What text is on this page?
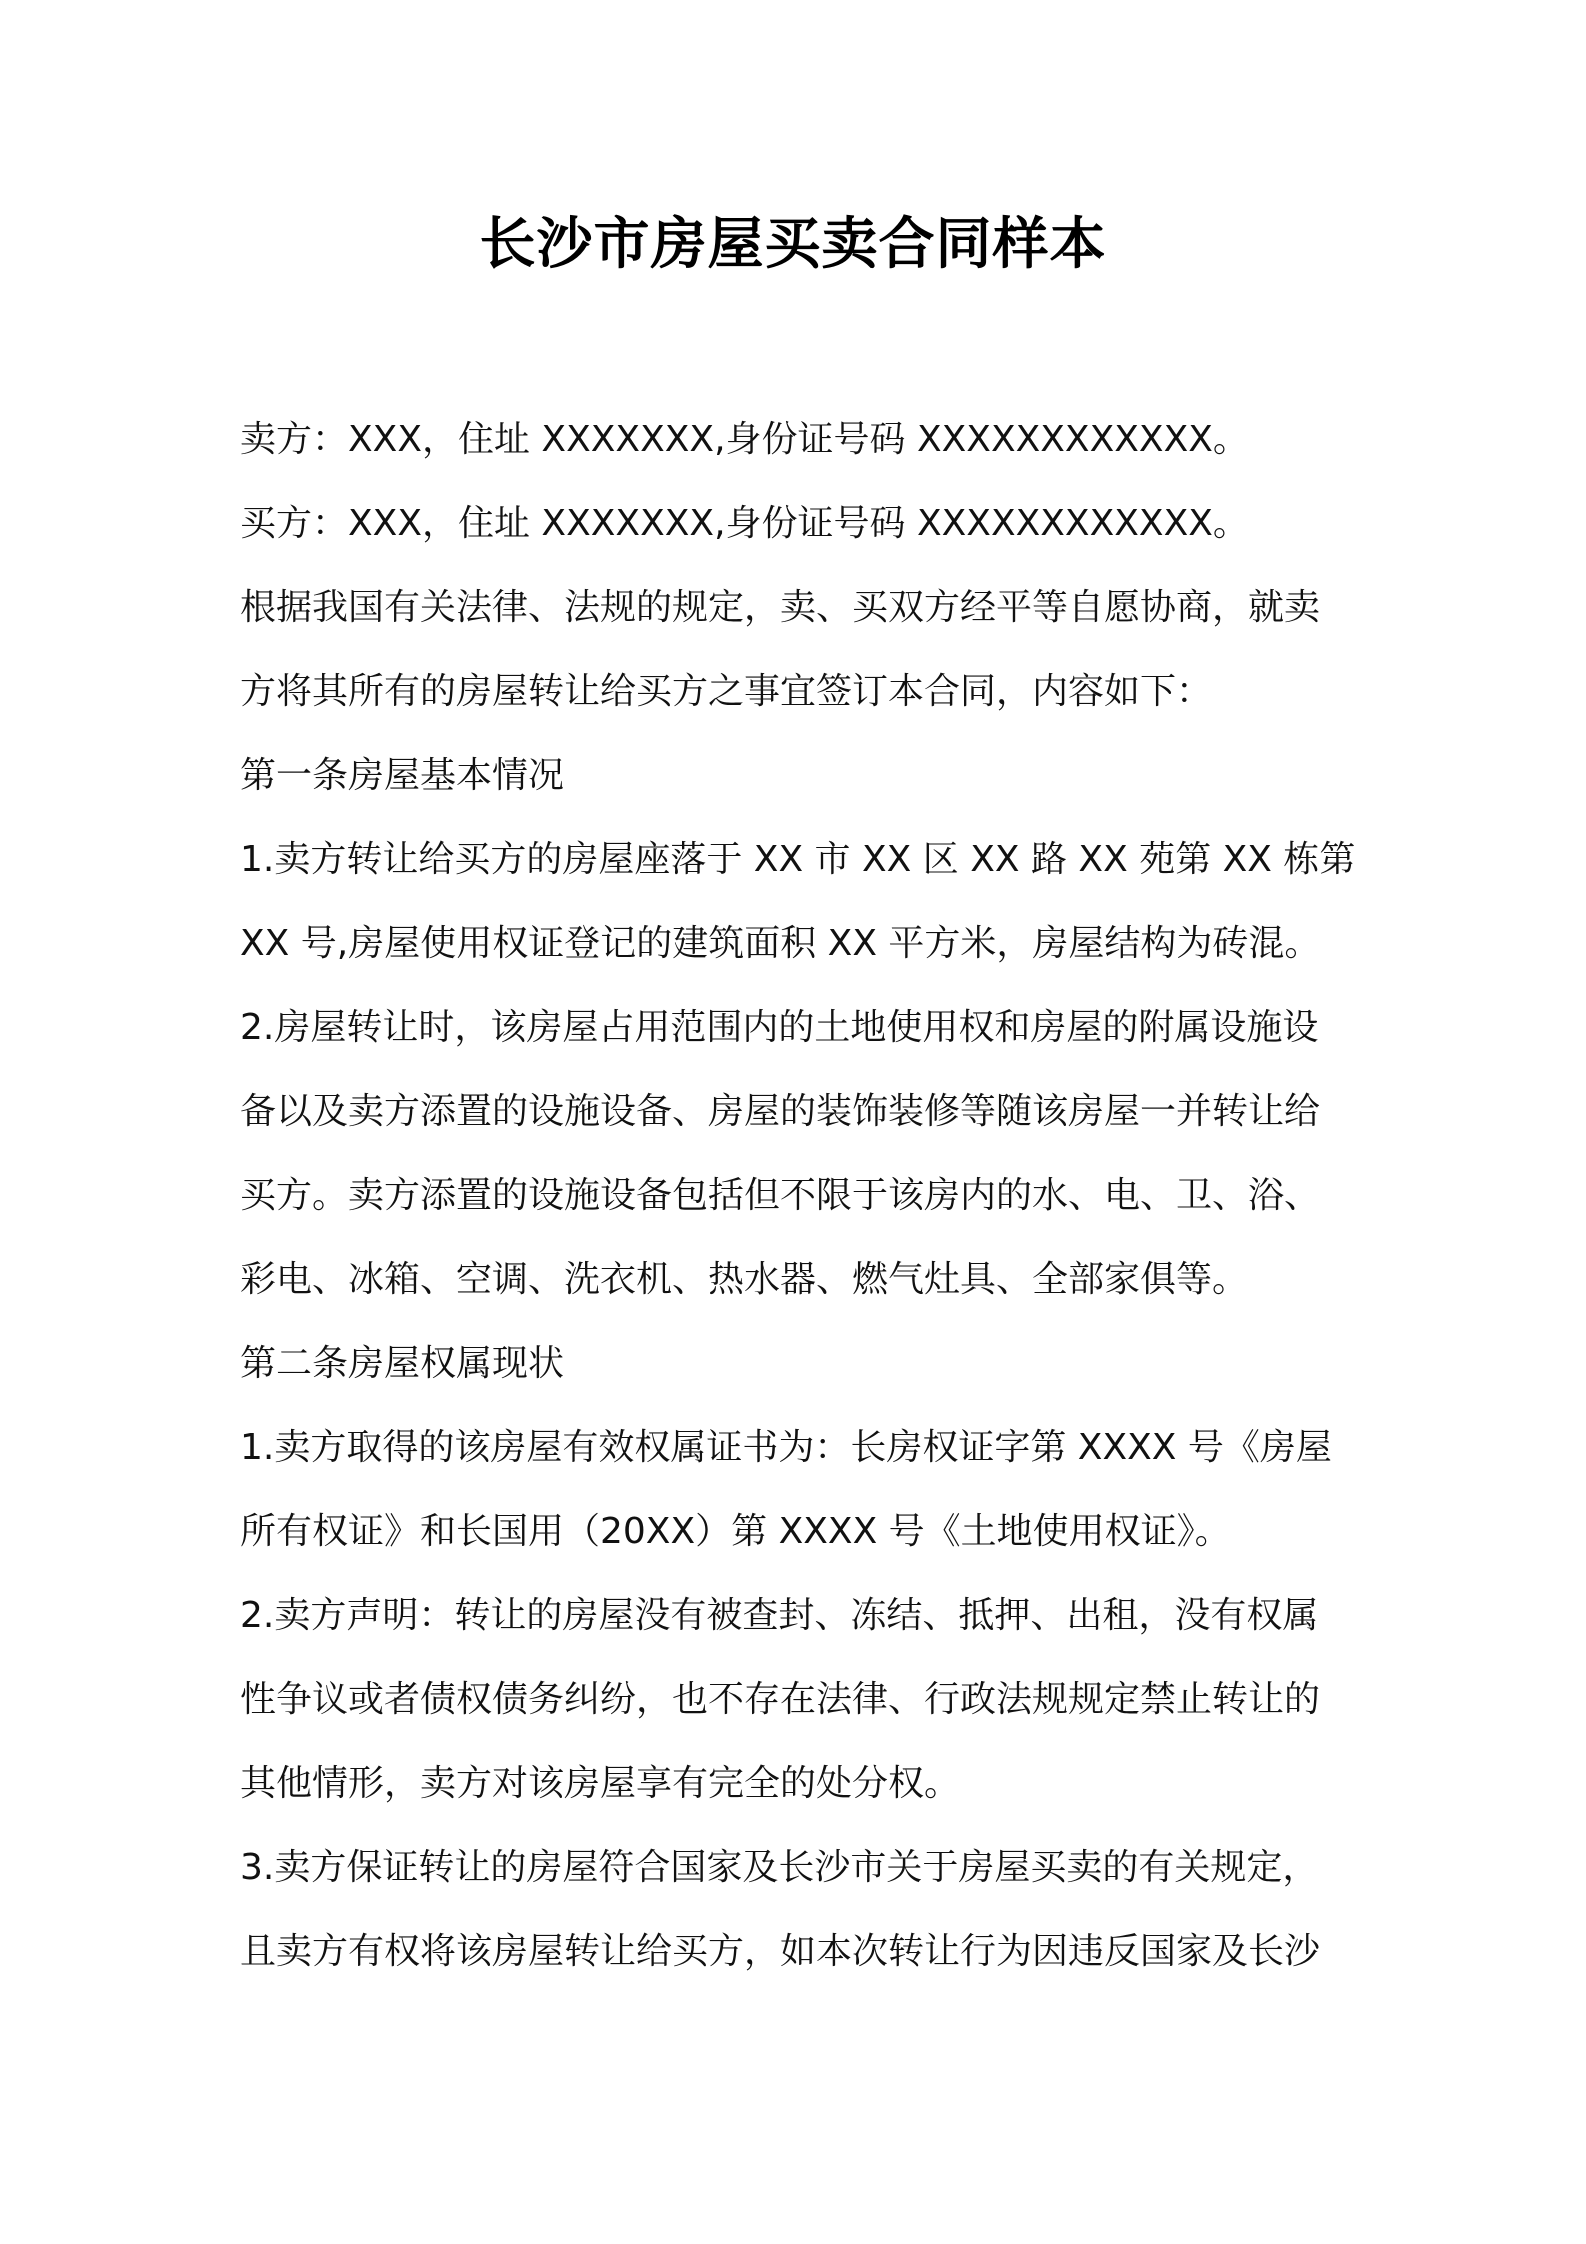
长沙市房屋买卖合同样本
卖方：XXX，住址 XXXXXXX,身份证号码 XXXXXXXXXXXX。
买方：XXX，住址 XXXXXXX,身份证号码 XXXXXXXXXXXX。
根据我国有关法律、法规的规定，卖、买双方经平等自愿协商，就卖
方将其所有的房屋转让给买方之事宜签订本合同，内容如下：
第一条房屋基本情况
1.卖方转让给买方的房屋座落于 XX 市 XX 区 XX 路 XX 苑第 XX 栋第
XX 号,房屋使用权证登记的建筑面积 XX 平方米，房屋结构为砖混。
2.房屋转让时，该房屋占用范围内的土地使用权和房屋的附属设施设
备以及卖方添置的设施设备、房屋的装饰装修等随该房屋一并转让给
买方。卖方添置的设施设备包括但不限于该房内的水、电、卫、浴、
彩电、冰箱、空调、洗衣机、热水器、燃气灶具、全部家俱等。
第二条房屋权属现状
1.卖方取得的该房屋有效权属证书为：长房权证字第 XXXX 号《房屋
所有权证》和长国用（20XX）第 XXXX 号《土地使用权证》。
2.卖方声明：转让的房屋没有被查封、冻结、抵押、出租，没有权属
性争议或者债权债务纠纷，也不存在法律、行政法规规定禁止转让的
其他情形，卖方对该房屋享有完全的处分权。
3.卖方保证转让的房屋符合国家及长沙市关于房屋买卖的有关规定，
且卖方有权将该房屋转让给买方，如本次转让行为因违反国家及长沙
